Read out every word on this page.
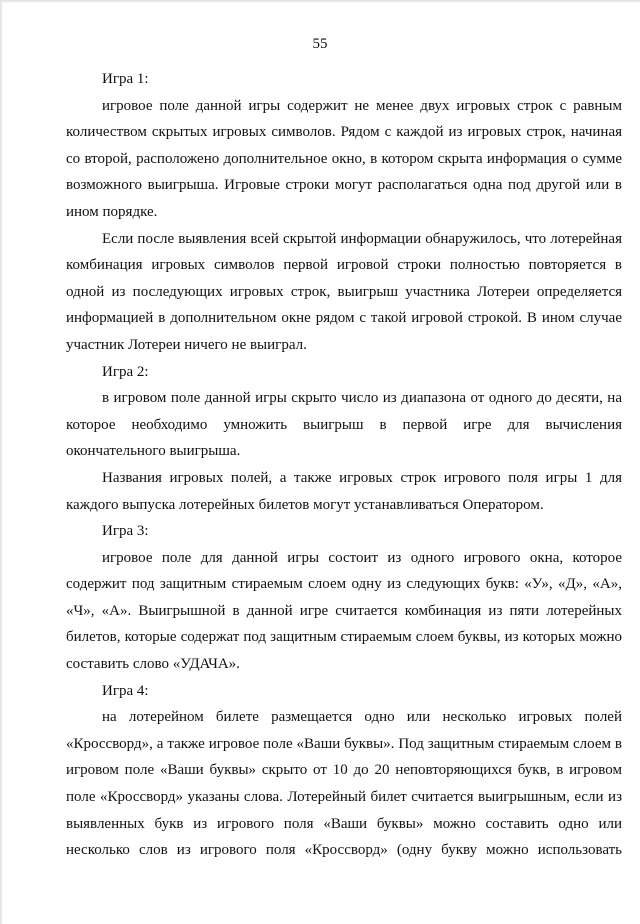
55

Игра 1:

игровое поле данной игры содержит не менее двух игровых строк с равным количеством скрытых игровых символов. Рядом с каждой из игровых строк, начиная со второй, расположено дополнительное окно, в котором скрыта информация о сумме возможного выигрыша. Игровые строки могут располагаться одна под другой или в ином порядке.

Если после выявления всей скрытой информации обнаружилось, что лотерейная комбинация игровых символов первой игровой строки полностью повторяется в одной из последующих игровых строк, выигрыш участника Лотереи определяется информацией в дополнительном окне рядом с такой игровой строкой. В ином случае участник Лотереи ничего не выиграл.

Игра 2:

в игровом поле данной игры скрыто число из диапазона от одного до десяти, на которое необходимо умножить выигрыш в первой игре для вычисления окончательного выигрыша.

Названия игровых полей, а также игровых строк игрового поля игры 1 для каждого выпуска лотерейных билетов могут устанавливаться Оператором.

Игра 3:

игровое поле для данной игры состоит из одного игрового окна, которое содержит под защитным стираемым слоем одну из следующих букв: «У», «Д», «А», «Ч», «А». Выигрышной в данной игре считается комбинация из пяти лотерейных билетов, которые содержат под защитным стираемым слоем буквы, из которых можно составить слово «УДАЧА».

Игра 4:

на лотерейном билете размещается одно или несколько игровых полей «Кроссворд», а также игровое поле «Ваши буквы». Под защитным стираемым слоем в игровом поле «Ваши буквы» скрыто от 10 до 20 неповторяющихся букв, в игровом поле «Кроссворд» указаны слова. Лотерейный билет считается выигрышным, если из выявленных букв из игрового поля «Ваши буквы» можно составить одно или несколько слов из игрового поля «Кроссворд» (одну букву можно использовать
